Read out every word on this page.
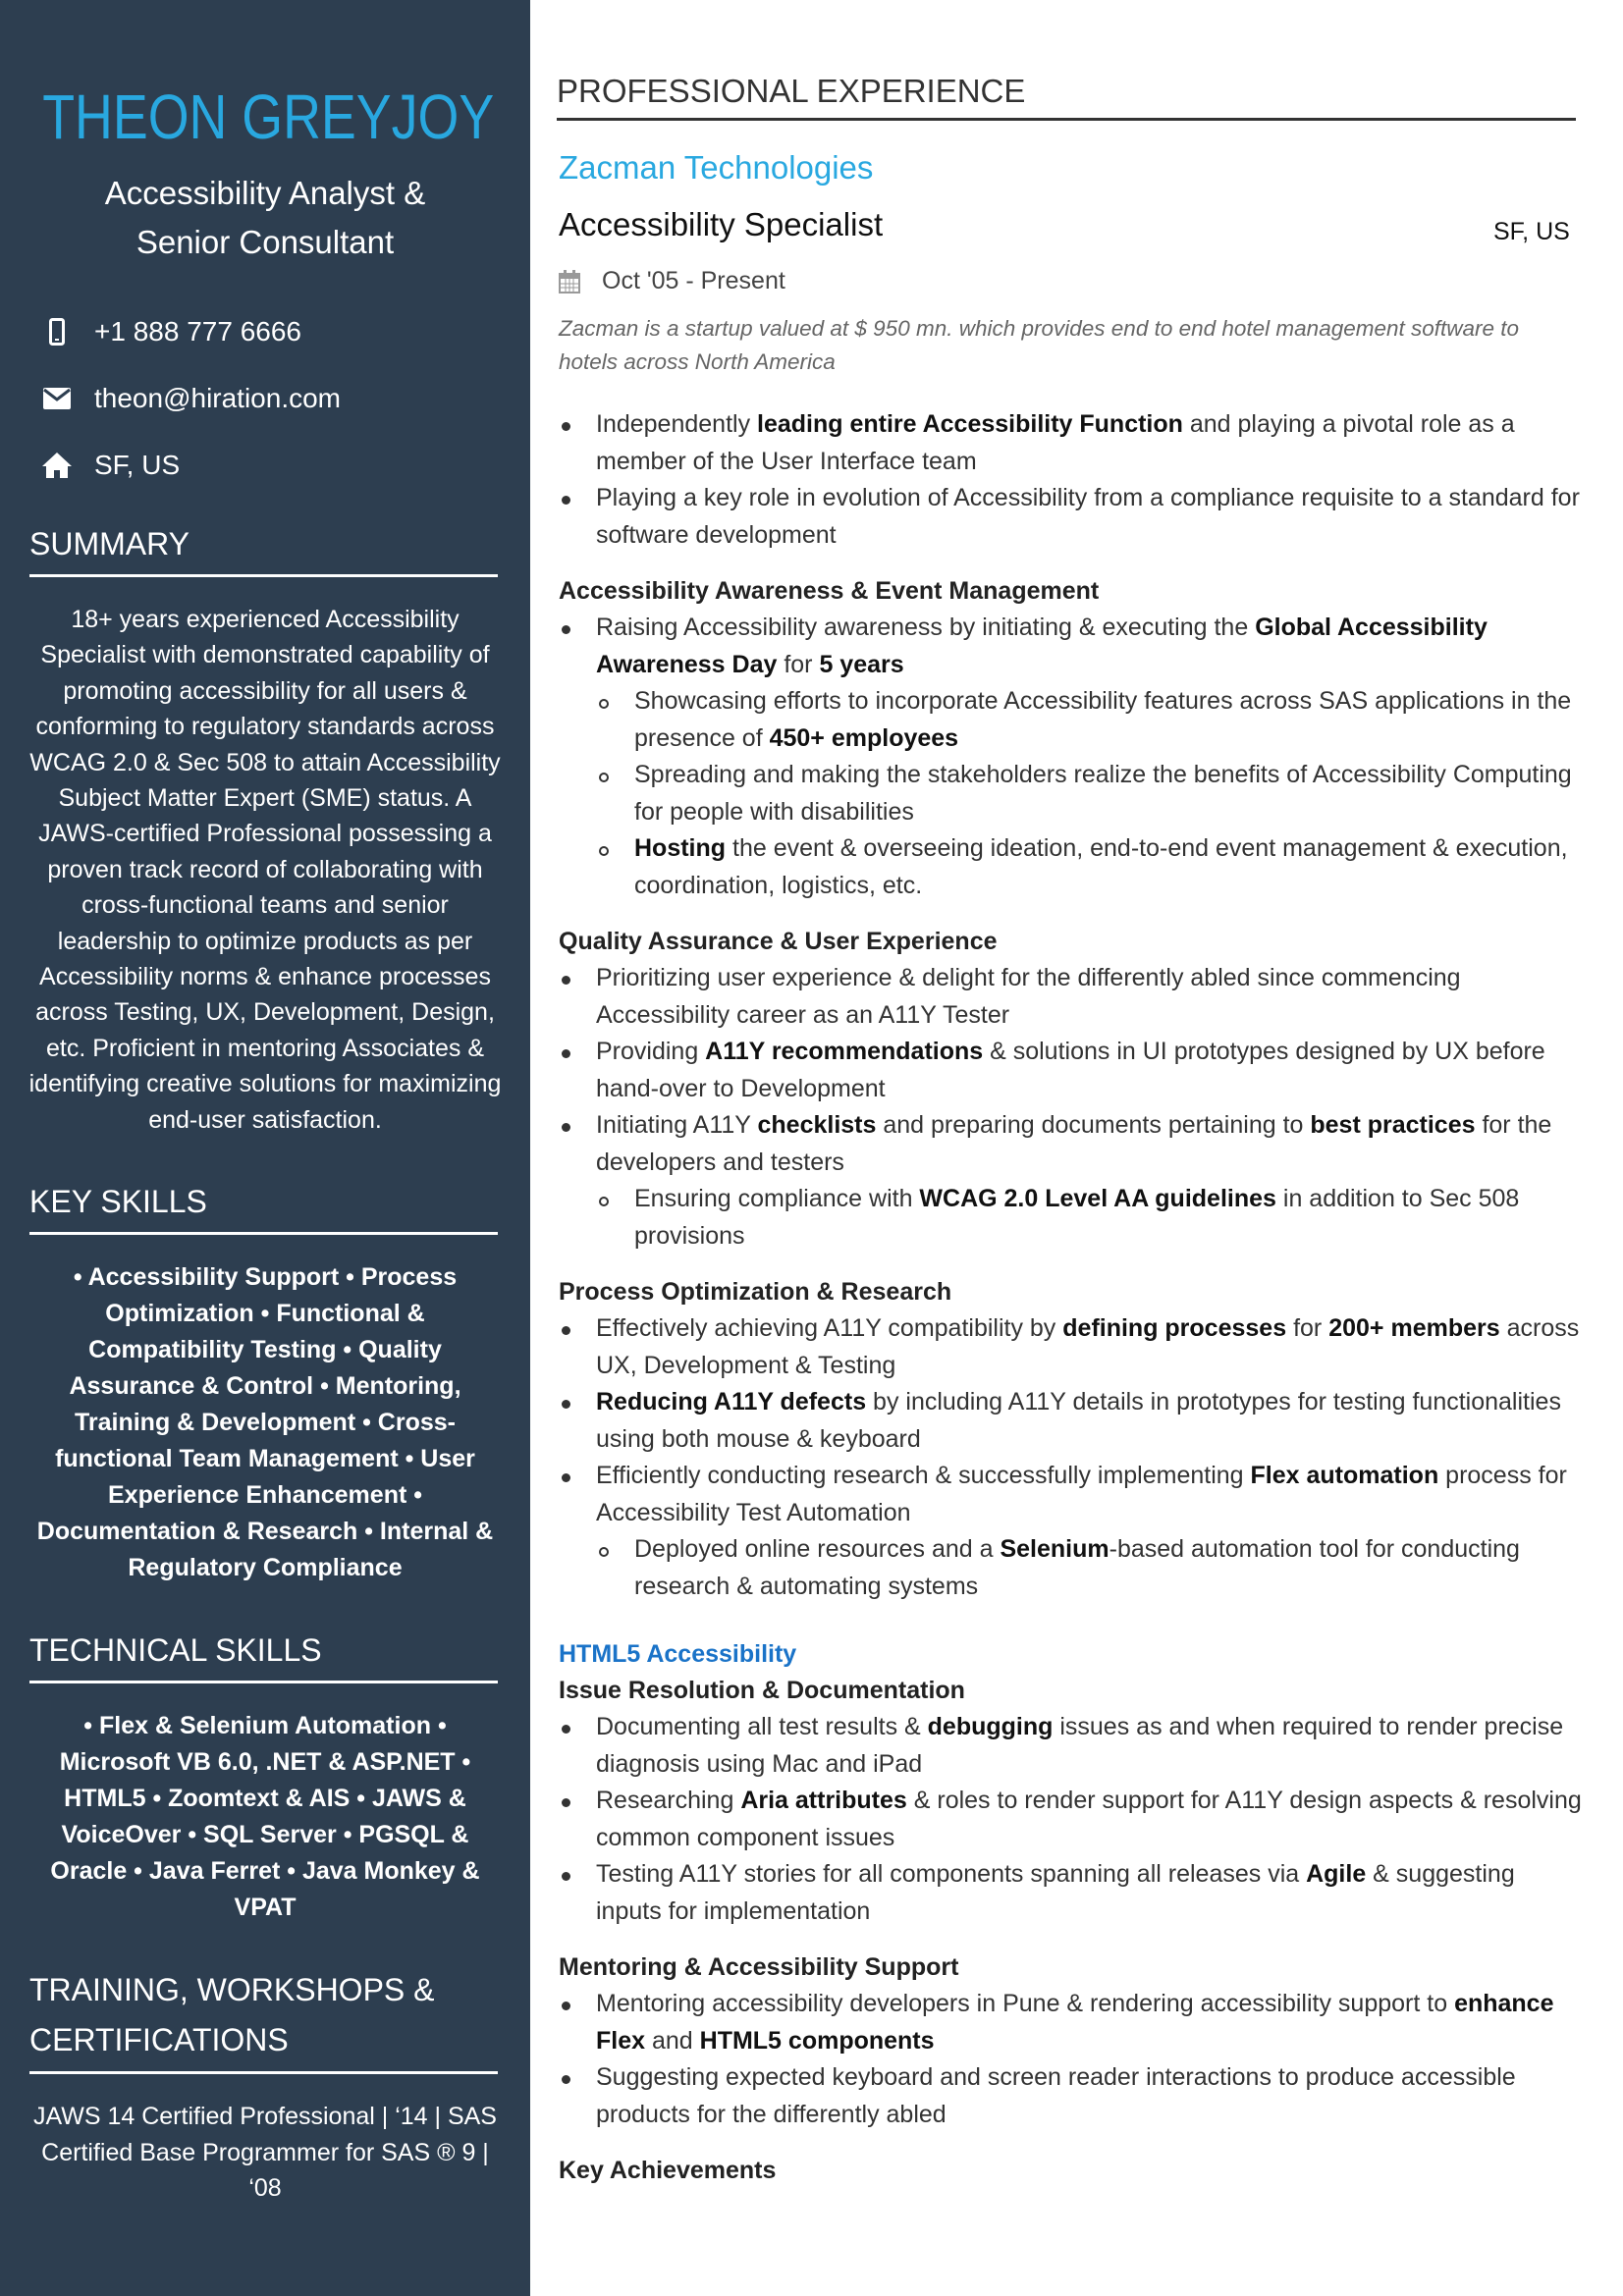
THEON GREYJOY
Accessibility Analyst &
Senior Consultant
+1 888 777 6666
theon@hiration.com
SF, US
SUMMARY
18+ years experienced Accessibility Specialist with demonstrated capability of promoting accessibility for all users & conforming to regulatory standards across WCAG 2.0 & Sec 508 to attain Accessibility Subject Matter Expert (SME) status. A JAWS-certified Professional possessing a proven track record of collaborating with cross-functional teams and senior leadership to optimize products as per Accessibility norms & enhance processes across Testing, UX, Development, Design, etc. Proficient in mentoring Associates & identifying creative solutions for maximizing end-user satisfaction.
KEY SKILLS
• Accessibility Support • Process Optimization • Functional & Compatibility Testing • Quality Assurance & Control • Mentoring, Training & Development • Cross-functional Team Management • User Experience Enhancement • Documentation & Research • Internal & Regulatory Compliance
TECHNICAL SKILLS
• Flex & Selenium Automation • Microsoft VB 6.0, .NET & ASP.NET • HTML5 • Zoomtext & AIS • JAWS & VoiceOver • SQL Server • PGSQL & Oracle • Java Ferret • Java Monkey & VPAT
TRAINING, WORKSHOPS & CERTIFICATIONS
JAWS 14 Certified Professional | ‘14 | SAS Certified Base Programmer for SAS ® 9 | ‘08
PROFESSIONAL EXPERIENCE
Zacman Technologies
Accessibility Specialist	SF, US
Oct '05 - Present
Zacman is a startup valued at $ 950 mn. which provides end to end hotel management software to hotels across North America
Independently leading entire Accessibility Function and playing a pivotal role as a member of the User Interface team
Playing a key role in evolution of Accessibility from a compliance requisite to a standard for software development
Accessibility Awareness & Event Management
Raising Accessibility awareness by initiating & executing the Global Accessibility Awareness Day for 5 years
Showcasing efforts to incorporate Accessibility features across SAS applications in the presence of 450+ employees
Spreading and making the stakeholders realize the benefits of Accessibility Computing for people with disabilities
Hosting the event & overseeing ideation, end-to-end event management & execution, coordination, logistics, etc.
Quality Assurance & User Experience
Prioritizing user experience & delight for the differently abled since commencing Accessibility career as an A11Y Tester
Providing A11Y recommendations & solutions in UI prototypes designed by UX before hand-over to Development
Initiating A11Y checklists and preparing documents pertaining to best practices for the developers and testers
Ensuring compliance with WCAG 2.0 Level AA guidelines in addition to Sec 508 provisions
Process Optimization & Research
Effectively achieving A11Y compatibility by defining processes for 200+ members across UX, Development & Testing
Reducing A11Y defects by including A11Y details in prototypes for testing functionalities using both mouse & keyboard
Efficiently conducting research & successfully implementing Flex automation process for Accessibility Test Automation
Deployed online resources and a Selenium-based automation tool for conducting research & automating systems
HTML5 Accessibility
Issue Resolution & Documentation
Documenting all test results & debugging issues as and when required to render precise diagnosis using Mac and iPad
Researching Aria attributes & roles to render support for A11Y design aspects & resolving common component issues
Testing A11Y stories for all components spanning all releases via Agile & suggesting inputs for implementation
Mentoring & Accessibility Support
Mentoring accessibility developers in Pune & rendering accessibility support to enhance Flex and HTML5 components
Suggesting expected keyboard and screen reader interactions to produce accessible products for the differently abled
Key Achievements
